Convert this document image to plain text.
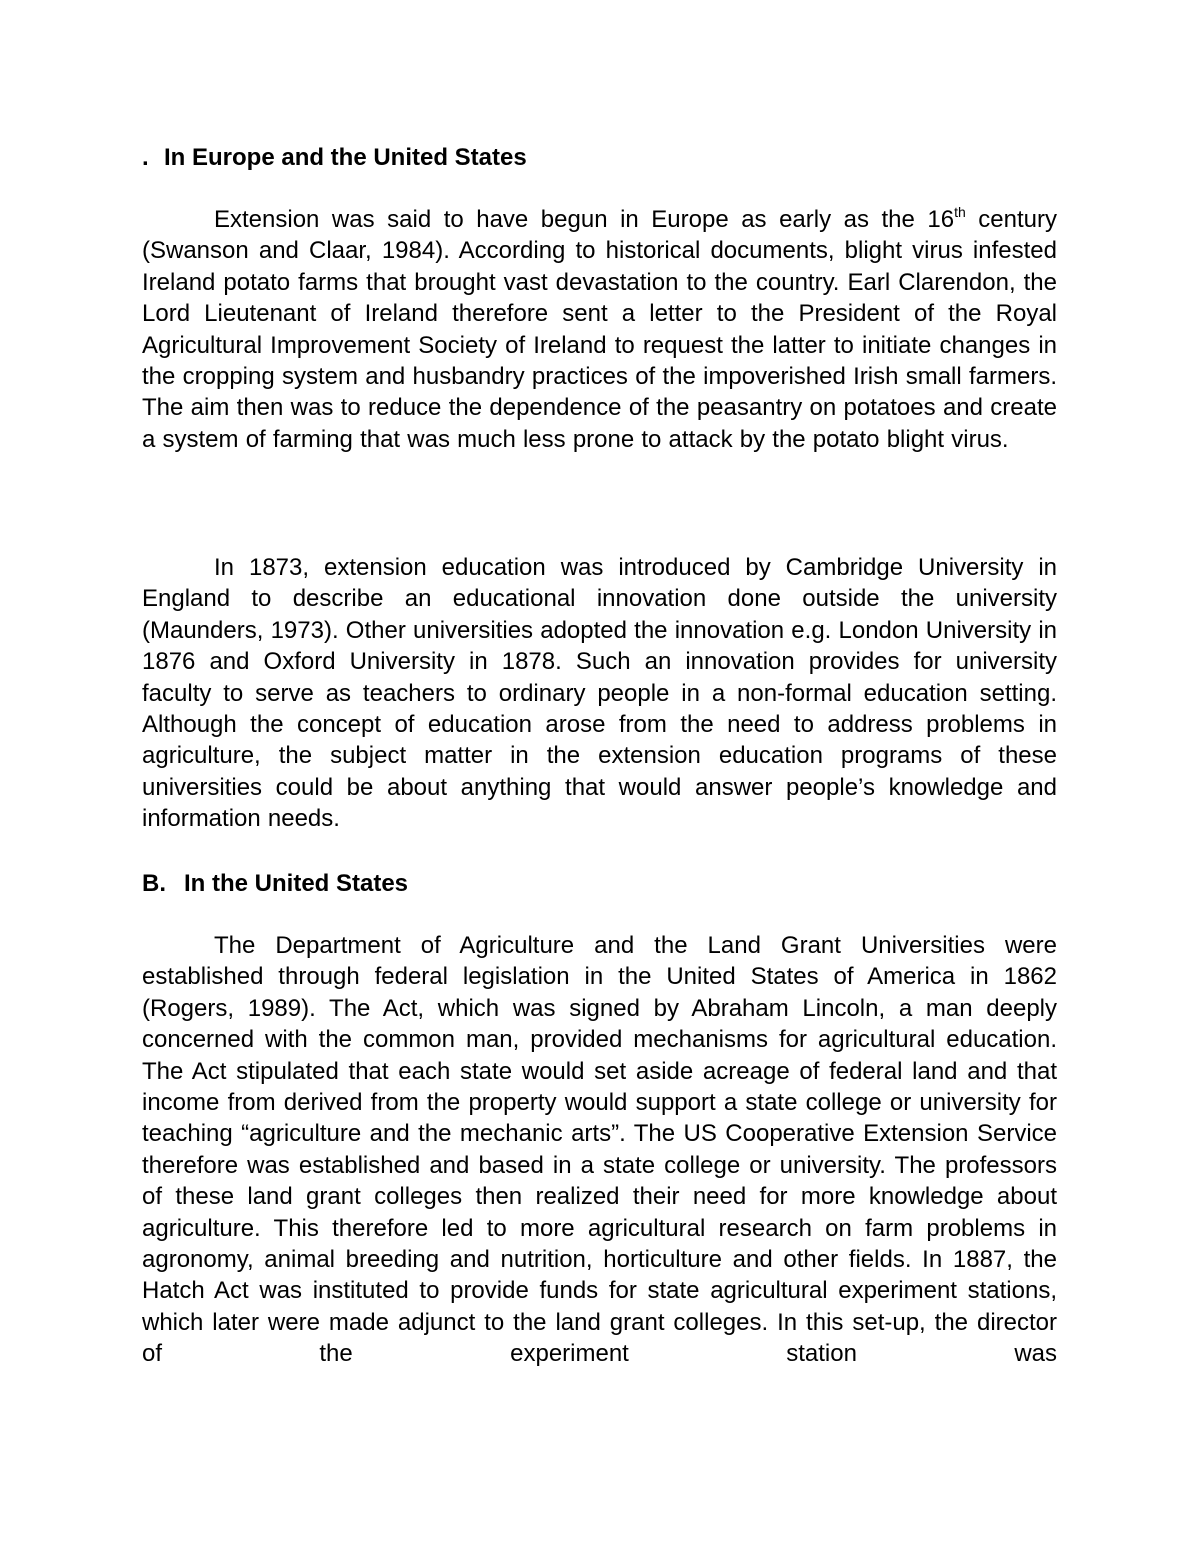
. In Europe and the United States

Extension was said to have begun in Europe as early as the 16th century (Swanson and Claar, 1984). According to historical documents, blight virus infested Ireland potato farms that brought vast devastation to the country. Earl Clarendon, the Lord Lieutenant of Ireland therefore sent a letter to the President of the Royal Agricultural Improvement Society of Ireland to request the latter to initiate changes in the cropping system and husbandry practices of the impoverished Irish small farmers. The aim then was to reduce the dependence of the peasantry on potatoes and create a system of farming that was much less prone to attack by the potato blight virus.

In 1873, extension education was introduced by Cambridge University in England to describe an educational innovation done outside the university (Maunders, 1973). Other universities adopted the innovation e.g. London University in 1876 and Oxford University in 1878. Such an innovation provides for university faculty to serve as teachers to ordinary people in a non-formal education setting. Although the concept of education arose from the need to address problems in agriculture, the subject matter in the extension education programs of these universities could be about anything that would answer people’s knowledge and information needs.

B. In the United States

The Department of Agriculture and the Land Grant Universities were established through federal legislation in the United States of America in 1862 (Rogers, 1989). The Act, which was signed by Abraham Lincoln, a man deeply concerned with the common man, provided mechanisms for agricultural education. The Act stipulated that each state would set aside acreage of federal land and that income from derived from the property would support a state college or university for teaching “agriculture and the mechanic arts”. The US Cooperative Extension Service therefore was established and based in a state college or university. The professors of these land grant colleges then realized their need for more knowledge about agriculture. This therefore led to more agricultural research on farm problems in agronomy, animal breeding and nutrition, horticulture and other fields. In 1887, the Hatch Act was instituted to provide funds for state agricultural experiment stations, which later were made adjunct to the land grant colleges. In this set-up, the director of the experiment station was
